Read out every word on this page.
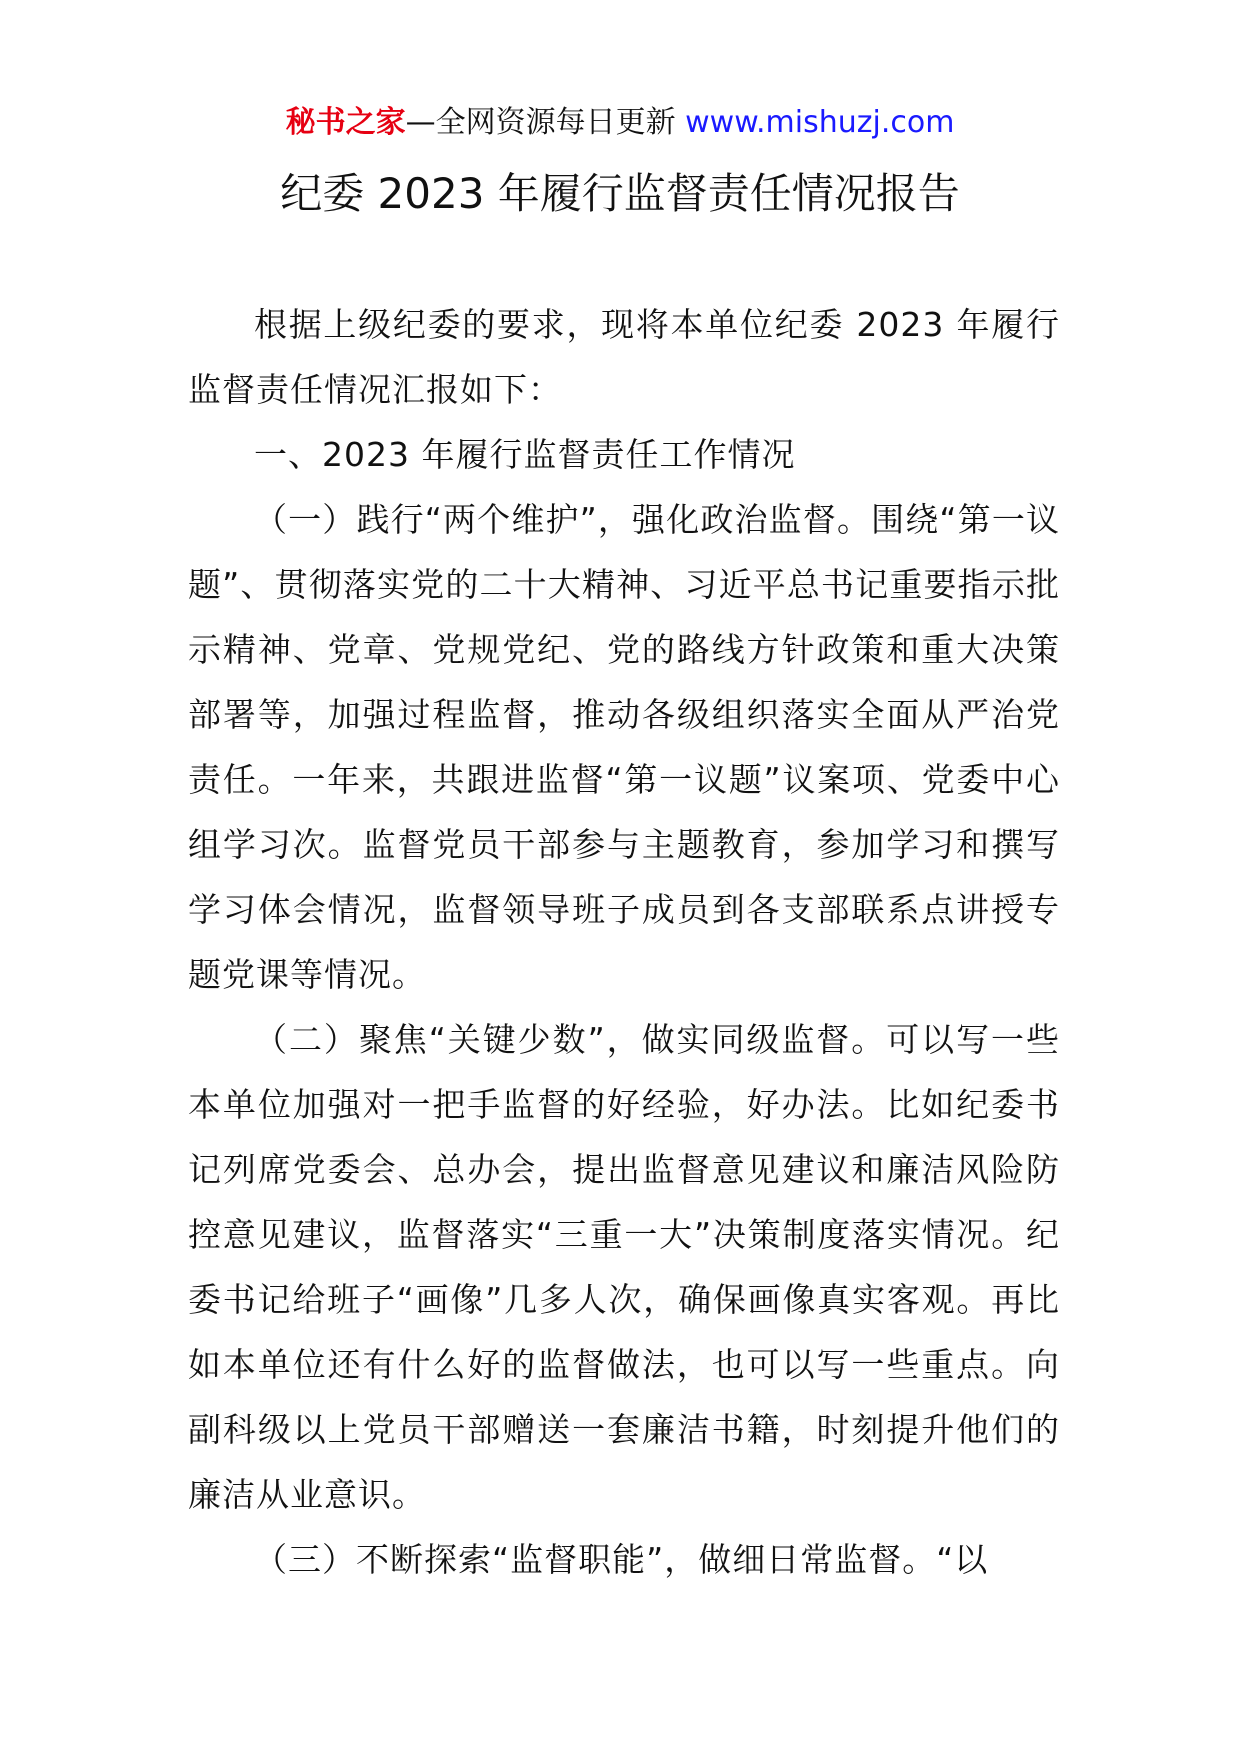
秘书之家—全网资源每日更新 www.mishuzj.com
纪委 2023 年履行监督责任情况报告

根据上级纪委的要求，现将本单位纪委 2023 年履行监督责任情况汇报如下：

一、2023 年履行监督责任工作情况

（一）践行“两个维护”，强化政治监督。围绕“第一议题”、贯彻落实党的二十大精神、习近平总书记重要指示批示精神、党章、党规党纪、党的路线方针政策和重大决策部署等，加强过程监督，推动各级组织落实全面从严治党责任。一年来，共跟进监督“第一议题”议案项、党委中心组学习次。监督党员干部参与主题教育，参加学习和撰写学习体会情况，监督领导班子成员到各支部联系点讲授专题党课等情况。

（二）聚焦“关键少数”，做实同级监督。可以写一些本单位加强对一把手监督的好经验，好办法。比如纪委书记列席党委会、总办会，提出监督意见建议和廉洁风险防控意见建议，监督落实“三重一大”决策制度落实情况。纪委书记给班子“画像”几多人次，确保画像真实客观。再比如本单位还有什么好的监督做法，也可以写一些重点。向副科级以上党员干部赠送一套廉洁书籍，时刻提升他们的廉洁从业意识。

（三）不断探索“监督职能”，做细日常监督。“以
